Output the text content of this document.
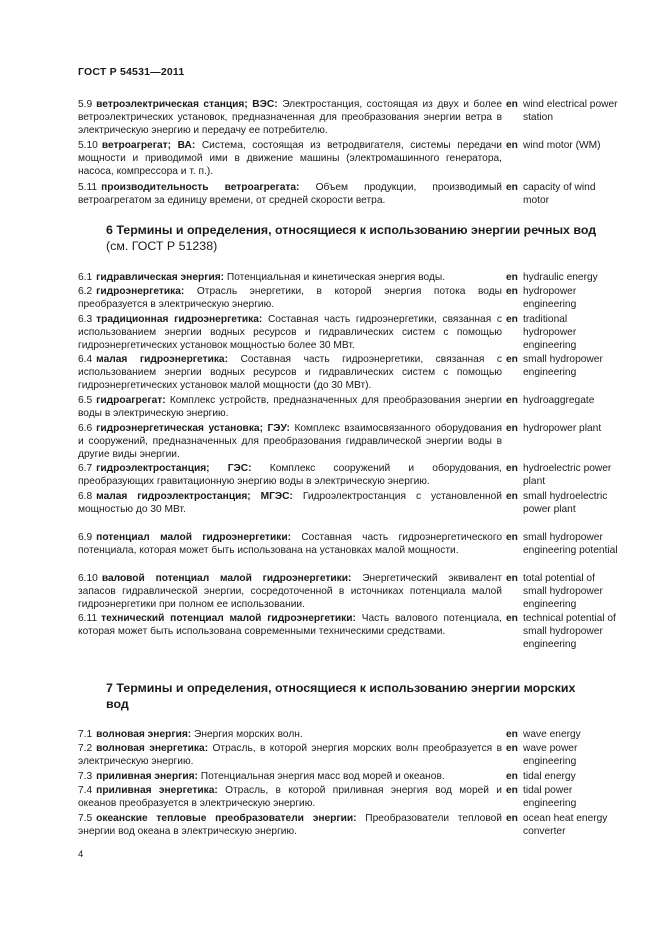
ГОСТ Р 54531—2011
5.9 ветроэлектрическая станция; ВЭС: Электростанция, состоящая из двух и более ветроэлектрических установок, предназначенная для преобразования энергии ветра в электрическую энергию и передачу ее потребителю.
en wind electrical power station
5.10 ветроагрегат; ВА: Система, состоящая из ветродвигателя, системы передачи мощности и приводимой ими в движение машины (электромашинного генератора, насоса, компрессора и т. п.).
en wind motor (WM)
5.11 производительность ветроагрегата: Объем продукции, производимый ветроагрегатом за единицу времени, от средней скорости ветра.
en capacity of wind motor
6 Термины и определения, относящиеся к использованию энергии речных вод (см. ГОСТ Р 51238)
6.1 гидравлическая энергия: Потенциальная и кинетическая энергия воды.	en hydraulic energy
6.2 гидроэнергетика: Отрасль энергетики, в которой энергия потока воды преобразуется в электрическую энергию.
en hydropower engineering
6.3 традиционная гидроэнергетика: Составная часть гидроэнергетики, связанная с использованием энергии водных ресурсов и гидравлических систем с помощью гидроэнергетических установок мощностью более 30 МВт.
en traditional hydropower engineering
6.4 малая гидроэнергетика: Составная часть гидроэнергетики, связанная с использованием энергии водных ресурсов и гидравлических систем с помощью гидроэнергетических установок малой мощности (до 30 МВт).
en small hydropower engineering
6.5 гидроагрегат: Комплекс устройств, предназначенных для преобразования энергии воды в электрическую энергию.
en hydroaggregate
6.6 гидроэнергетическая установка; ГЭУ: Комплекс взаимосвязанного оборудования и сооружений, предназначенных для преобразования гидравлической энергии воды в другие виды энергии.
en hydropower plant
6.7 гидроэлектростанция; ГЭС: Комплекс сооружений и оборудования, преобразующих гравитационную энергию воды в электрическую энергию.
en hydroelectric power plant
6.8 малая гидроэлектростанция; МГЭС: Гидроэлектростанция с установленной мощностью до 30 МВт.
en small hydroelectric power plant
6.9 потенциал малой гидроэнергетики: Составная часть гидроэнергетического потенциала, которая может быть использована на установках малой мощности.
en small hydropower engineering potential
6.10 валовой потенциал малой гидроэнергетики: Энергетический эквивалент запасов гидравлической энергии, сосредоточенной в источниках потенциала малой гидроэнергетики при полном ее использовании.
en total potential of small hydropower engineering
6.11 технический потенциал малой гидроэнергетики: Часть валового потенциала, которая может быть использована современными техническими средствами.
en technical potential of small hydropower engineering
7 Термины и определения, относящиеся к использованию энергии морских вод
7.1 волновая энергия: Энергия морских волн.	en wave energy
7.2 волновая энергетика: Отрасль, в которой энергия морских волн преобразуется в электрическую энергию.
en wave power engineering
7.3 приливная энергия: Потенциальная энергия масс вод морей и океанов.	en tidal energy
7.4 приливная энергетика: Отрасль, в которой приливная энергия вод морей и океанов преобразуется в электрическую энергию.
en tidal power engineering
7.5 океанские тепловые преобразователи энергии: Преобразователи тепловой энергии вод океана в электрическую энергию.
en ocean heat energy converter
4
